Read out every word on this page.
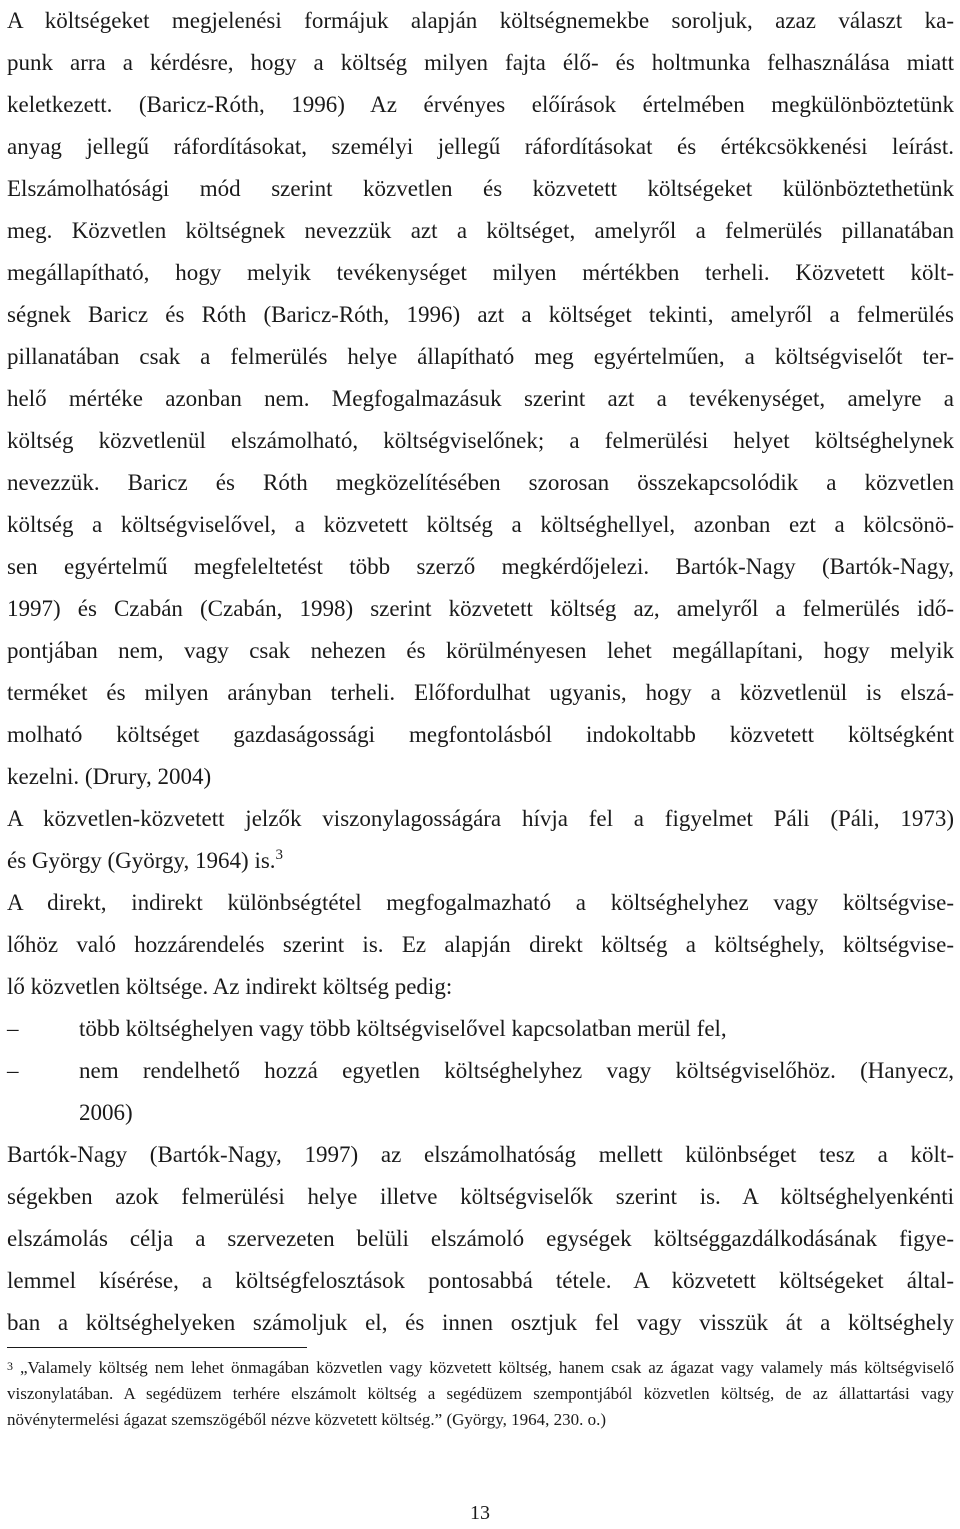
A költségeket megjelenési formájuk alapján költségnemekbe soroljuk, azaz választ ka-
punk arra a kérdésre, hogy a költség milyen fajta élő- és holtmunka felhasználása miatt
keletkezett. (Baricz-Róth, 1996) Az érvényes előírások értelmében megkülönböztetünk
anyag jellegű ráfordításokat, személyi jellegű ráfordításokat és értékcsökkenési leírást.
Elszámolhatósági mód szerint közvetlen és közvetett költségeket különböztethetünk
meg. Közvetlen költségnek nevezzük azt a költséget, amelyről a felmerülés pillanatában
megállapítható, hogy melyik tevékenységet milyen mértékben terheli. Közvetett költ-
ségnek Baricz és Róth (Baricz-Róth, 1996) azt a költséget tekinti, amelyről a felmerülés
pillanatában csak a felmerülés helye állapítható meg egyértelműen, a költségviselőt ter-
helő mértéke azonban nem. Megfogalmazásuk szerint azt a tevékenységet, amelyre a
költség közvetlenül elszámolható, költségviselőnek; a felmerülési helyet költséghelynek
nevezzük. Baricz és Róth megközelítésében szorosan összekapcsolódik a közvetlen
költség a költségviselővel, a közvetett költség a költséghellyel, azonban ezt a kölcsönö-
sen egyértelmű megfeleltetést több szerző megkérdőjelezi. Bartók-Nagy (Bartók-Nagy,
1997) és Czabán (Czabán, 1998) szerint közvetett költség az, amelyről a felmerülés idő-
pontjában nem, vagy csak nehezen és körülményesen lehet megállapítani, hogy melyik
terméket és milyen arányban terheli. Előfordulhat ugyanis, hogy a közvetlenül is elszá-
molható költséget gazdaságossági megfontolásból indokoltabb közvetett költségként
kezelni. (Drury, 2004)
A közvetlen-közvetett jelzők viszonylagosságára hívja fel a figyelmet Páli (Páli, 1973)
és György (György, 1964) is.$^3$
A direkt, indirekt különbségtétel megfogalmazható a költséghelyhez vagy költségvise-
lőhöz való hozzárendelés szerint is. Ez alapján direkt költség a költséghely, költségvise-
lő közvetlen költsége. Az indirekt költség pedig:
–	több költséghelyen vagy több költségviselővel kapcsolatban merül fel,
–	nem rendelhető hozzá egyetlen költséghelyhez vagy költségviselőhöz. (Hanyecz,
2006)
Bartók-Nagy (Bartók-Nagy, 1997) az elszámolhatóság mellett különbséget tesz a költ-
ségekben azok felmerülési helye illetve költségviselők szerint is. A költséghelyenkénti
elszámolás célja a szervezeten belüli elszámoló egységek költséggazdálkodásának figye-
lemmel kísérése, a költségfelosztások pontosabbá tétele. A közvetett költségeket által-
ban a költséghelyeken számoljuk el, és innen osztjuk fel vagy visszük át a költséghely
$^3$ „Valamely költség nem lehet önmagában közvetlen vagy közvetett költség, hanem csak az ágazat vagy valamely más költségviselő viszonylatában. A segédüzem terhére elszámolt költség a segédüzem szempontjából közvetlen költség, de az állattartási vagy növénytermelési ágazat szemszögéből nézve közvetett költség.” (György, 1964, 230. o.)
13
